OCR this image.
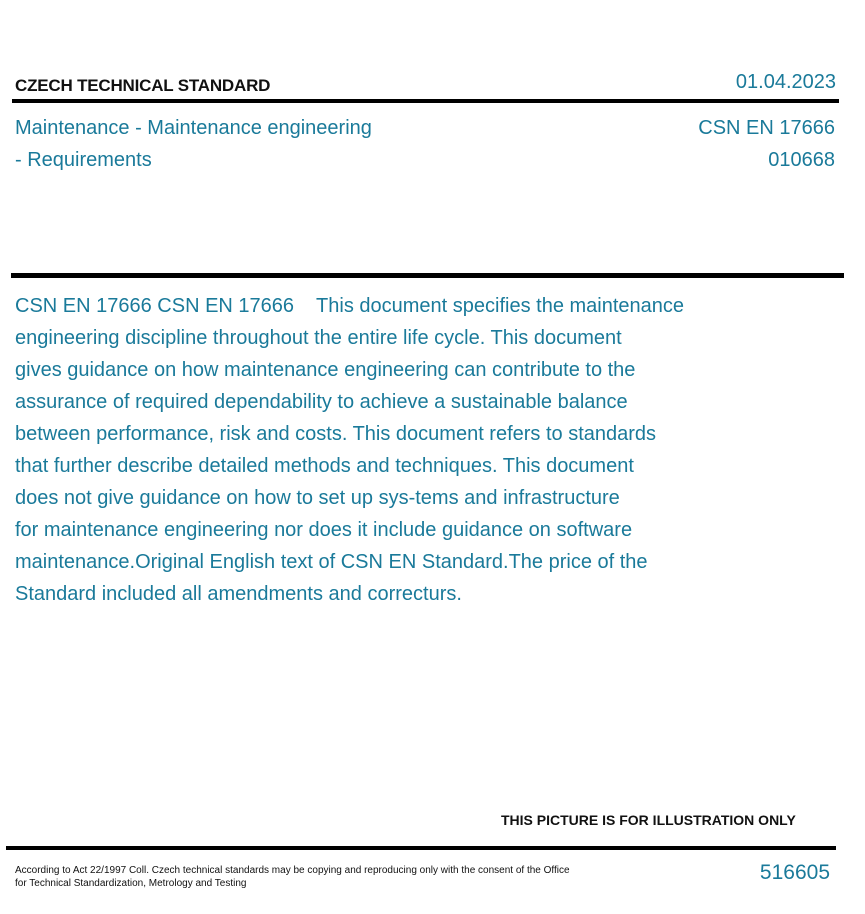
CZECH TECHNICAL STANDARD	01.04.2023
Maintenance - Maintenance engineering
- Requirements
CSN EN 17666
010668
CSN EN 17666 CSN EN 17666 This document specifies the maintenance
engineering discipline throughout the entire life cycle. This document
gives guidance on how maintenance engineering can contribute to the
assurance of required dependability to achieve a sustainable balance
between performance, risk and costs. This document refers to standards
that further describe detailed methods and techniques. This document
does not give guidance on how to set up sys-tems and infrastructure
for maintenance engineering nor does it include guidance on software
maintenance.Original English text of CSN EN Standard.The price of the
Standard included all amendments and correcturs.
THIS PICTURE IS FOR ILLUSTRATION ONLY
According to Act 22/1997 Coll. Czech technical standards may be copying and reproducing only with the consent of the Office
for Technical Standardization, Metrology and Testing	516605
